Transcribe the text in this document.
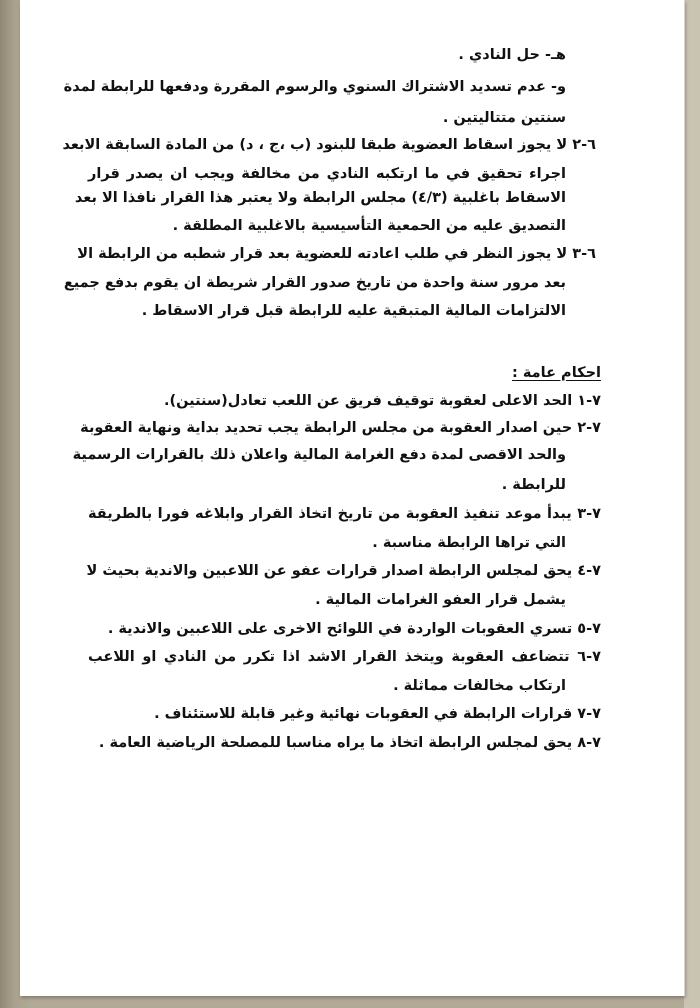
هـ- حل النادي .
و- عدم تسديد الاشتراك السنوي والرسوم المقررة ودفعها للرابطة لمدة
سنتين متتاليتين .
٦-٢ لا يجوز اسقاط العضوية طبقا للبنود (ب ،ج ، د) من المادة السابقة الابعد
اجراء تحقيق في ما ارتكبه النادي من مخالفة ويجب ان يصدر قرار
الاسقاط باغلبية (٤/٣) مجلس الرابطة ولا يعتبر هذا القرار نافذا الا بعد
التصديق عليه من الحمعية التأسيسية بالاغلبية المطلقة .
٦-٣ لا يجوز النظر في طلب اعادته للعضوية بعد قرار شطبه من الرابطة الا
بعد مرور سنة واحدة من تاريخ صدور القرار شريطة ان يقوم بدفع جميع
الالتزامات المالية المتبقية عليه للرابطة قبل قرار الاسقاط .
احكام عامة :
٧-١ الحد الاعلى لعقوبة توقيف فريق عن اللعب تعادل(سنتين).
٧-٢ حين اصدار العقوبة من مجلس الرابطة يجب تحديد بداية ونهاية العقوبة
والحد الاقصى لمدة دفع الغرامة المالية واعلان ذلك بالقرارات الرسمية
للرابطة .
٧-٣ يبدأ موعد تنفيذ العقوبة من تاريخ اتخاذ القرار وابلاغه فورا بالطريقة
التي تراها الرابطة مناسبة .
٧-٤ يحق لمجلس الرابطة اصدار قرارات عفو عن اللاعبين والاندية بحيث لا
يشمل قرار العفو الغرامات المالية .
٧-٥ تسري العقوبات الواردة في اللوائح الاخرى على اللاعبين والاندية .
٧-٦ تتضاعف العقوبة ويتخذ القرار الاشد اذا تكرر من النادي او اللاعب
ارتكاب مخالفات مماثلة .
٧-٧ قرارات الرابطة في العقوبات نهائية وغير قابلة للاستئناف .
٧-٨ يحق لمجلس الرابطة اتخاذ ما يراه مناسبا للمصلحة الرياضية العامة .
